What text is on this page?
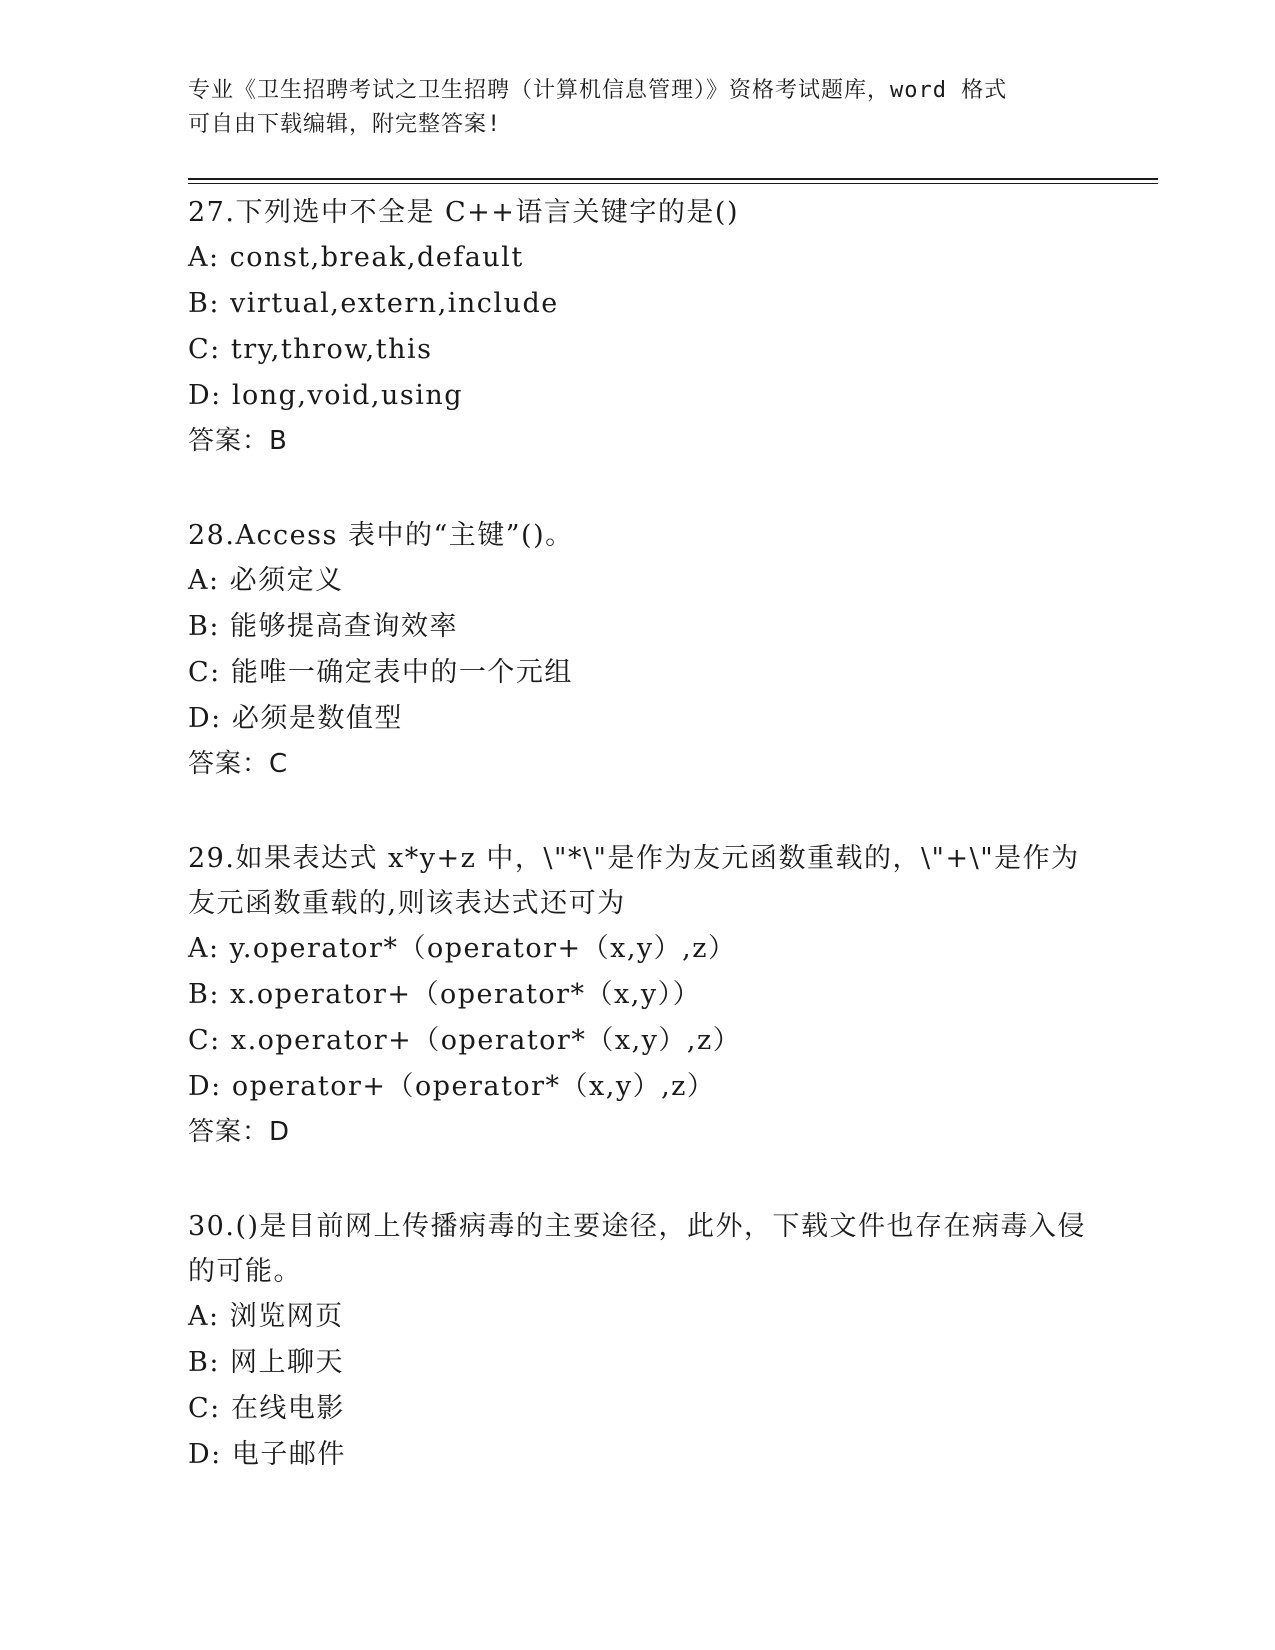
专业《卫生招聘考试之卫生招聘（计算机信息管理）》资格考试题库，word 格式
可自由下载编辑，附完整答案!
27.下列选中不全是 C++语言关键字的是()
A: const,break,default
B: virtual,extern,include
C: try,throw,this
D: long,void,using
答案：B
28.Access 表中的“主键”()。
A: 必须定义
B: 能够提高查询效率
C: 能唯一确定表中的一个元组
D: 必须是数值型
答案：C
29.如果表达式 x*y+z 中，\"*\"是作为友元函数重载的，\"+\"是作为友元函数重载的,则该表达式还可为
A: y.operator*（operator+（x,y）,z）
B: x.operator+（operator*（x,y））
C: x.operator+（operator*（x,y）,z）
D: operator+（operator*（x,y）,z）
答案：D
30.()是目前网上传播病毒的主要途径，此外，下载文件也存在病毒入侵的可能。
A: 浏览网页
B: 网上聊天
C: 在线电影
D: 电子邮件
